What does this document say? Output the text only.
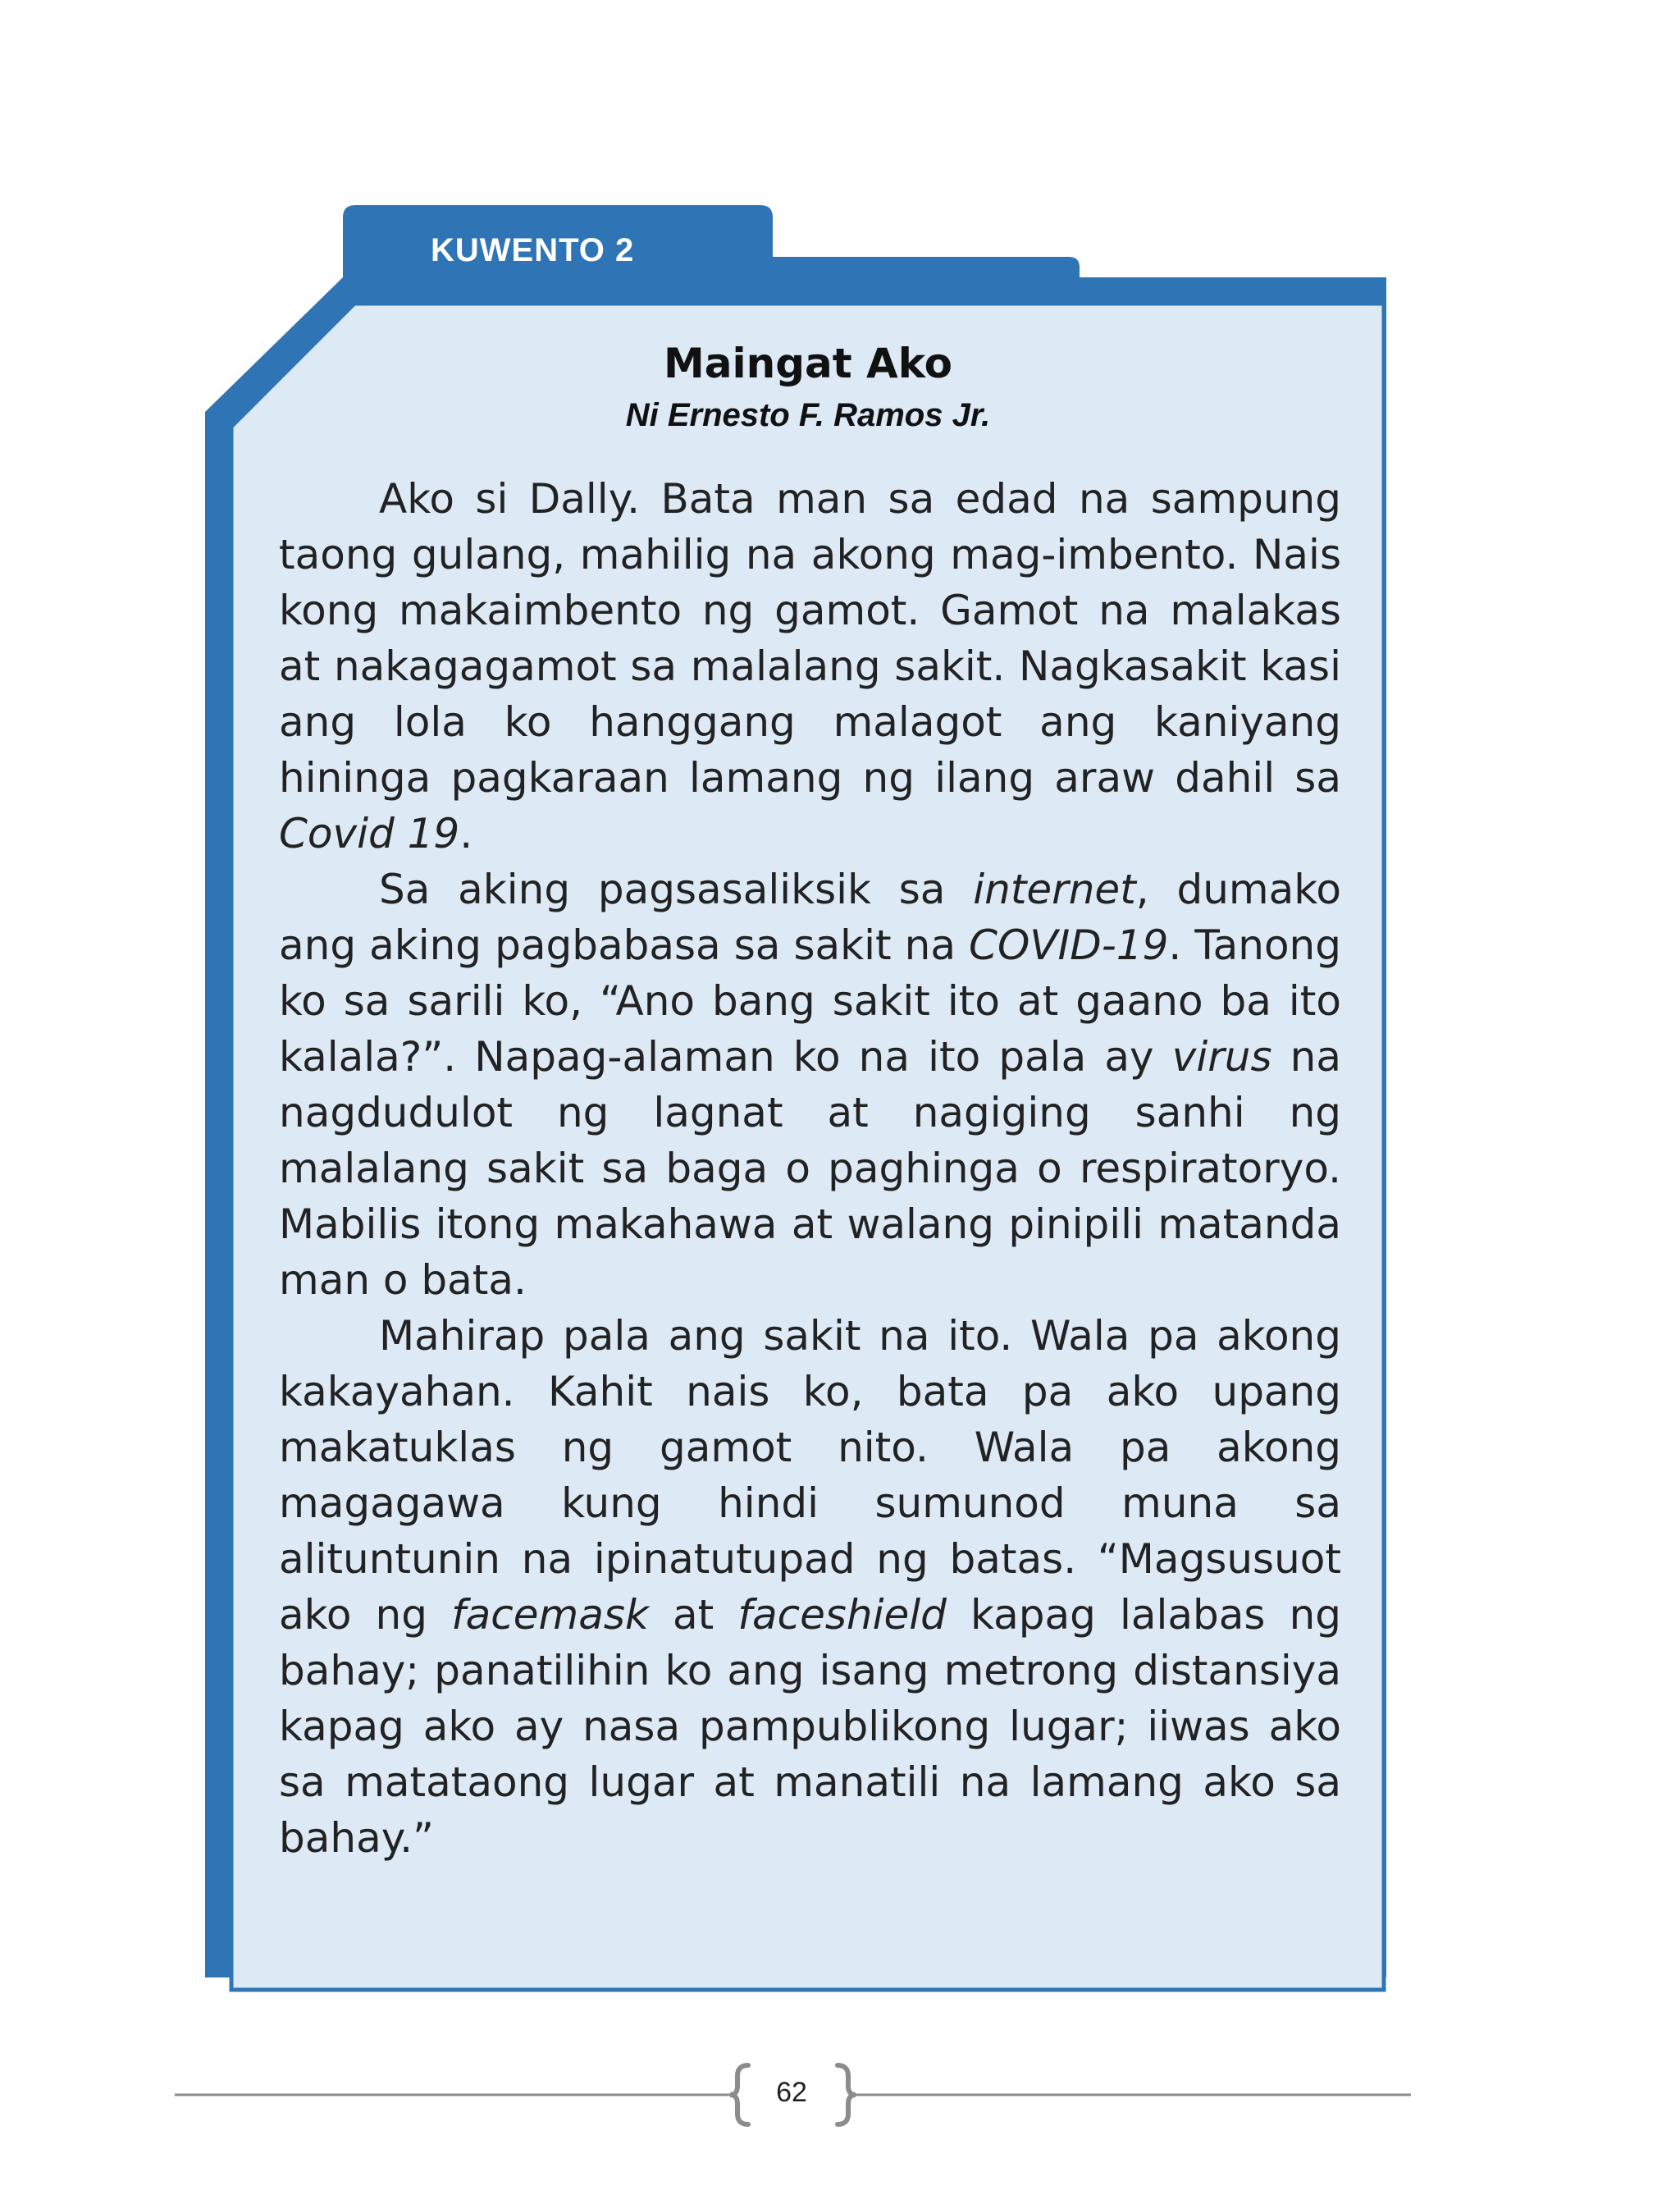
KUWENTO 2
Maingat Ako
Ni Ernesto F. Ramos Jr.

Ako si Dally. Bata man sa edad na sampung taong gulang, mahilig na akong mag-imbento. Nais kong makaimbento ng gamot. Gamot na malakas at nakagagamot sa malalang sakit. Nagkasakit kasi ang lola ko hanggang malagot ang kaniyang hininga pagkaraan lamang ng ilang araw dahil sa Covid 19.

Sa aking pagsasaliksik sa internet, dumako ang aking pagbabasa sa sakit na COVID-19. Tanong ko sa sarili ko, “Ano bang sakit ito at gaano ba ito kalala?”. Napag-alaman ko na ito pala ay virus na nagdudulot ng lagnat at nagiging sanhi ng malalang sakit sa baga o paghinga o respiratoryo. Mabilis itong makahawa at walang pinipili matanda man o bata.

Mahirap pala ang sakit na ito. Wala pa akong kakayahan. Kahit nais ko, bata pa ako upang makatuklas ng gamot nito. Wala pa akong magagawa kung hindi sumunod muna sa alituntunin na ipinatutupad ng batas. “Magsusuot ako ng facemask at faceshield kapag lalabas ng bahay; panatilihin ko ang isang metrong distansiya kapag ako ay nasa pampublikong lugar; iiwas ako sa matataong lugar at manatili na lamang ako sa bahay.”

62
